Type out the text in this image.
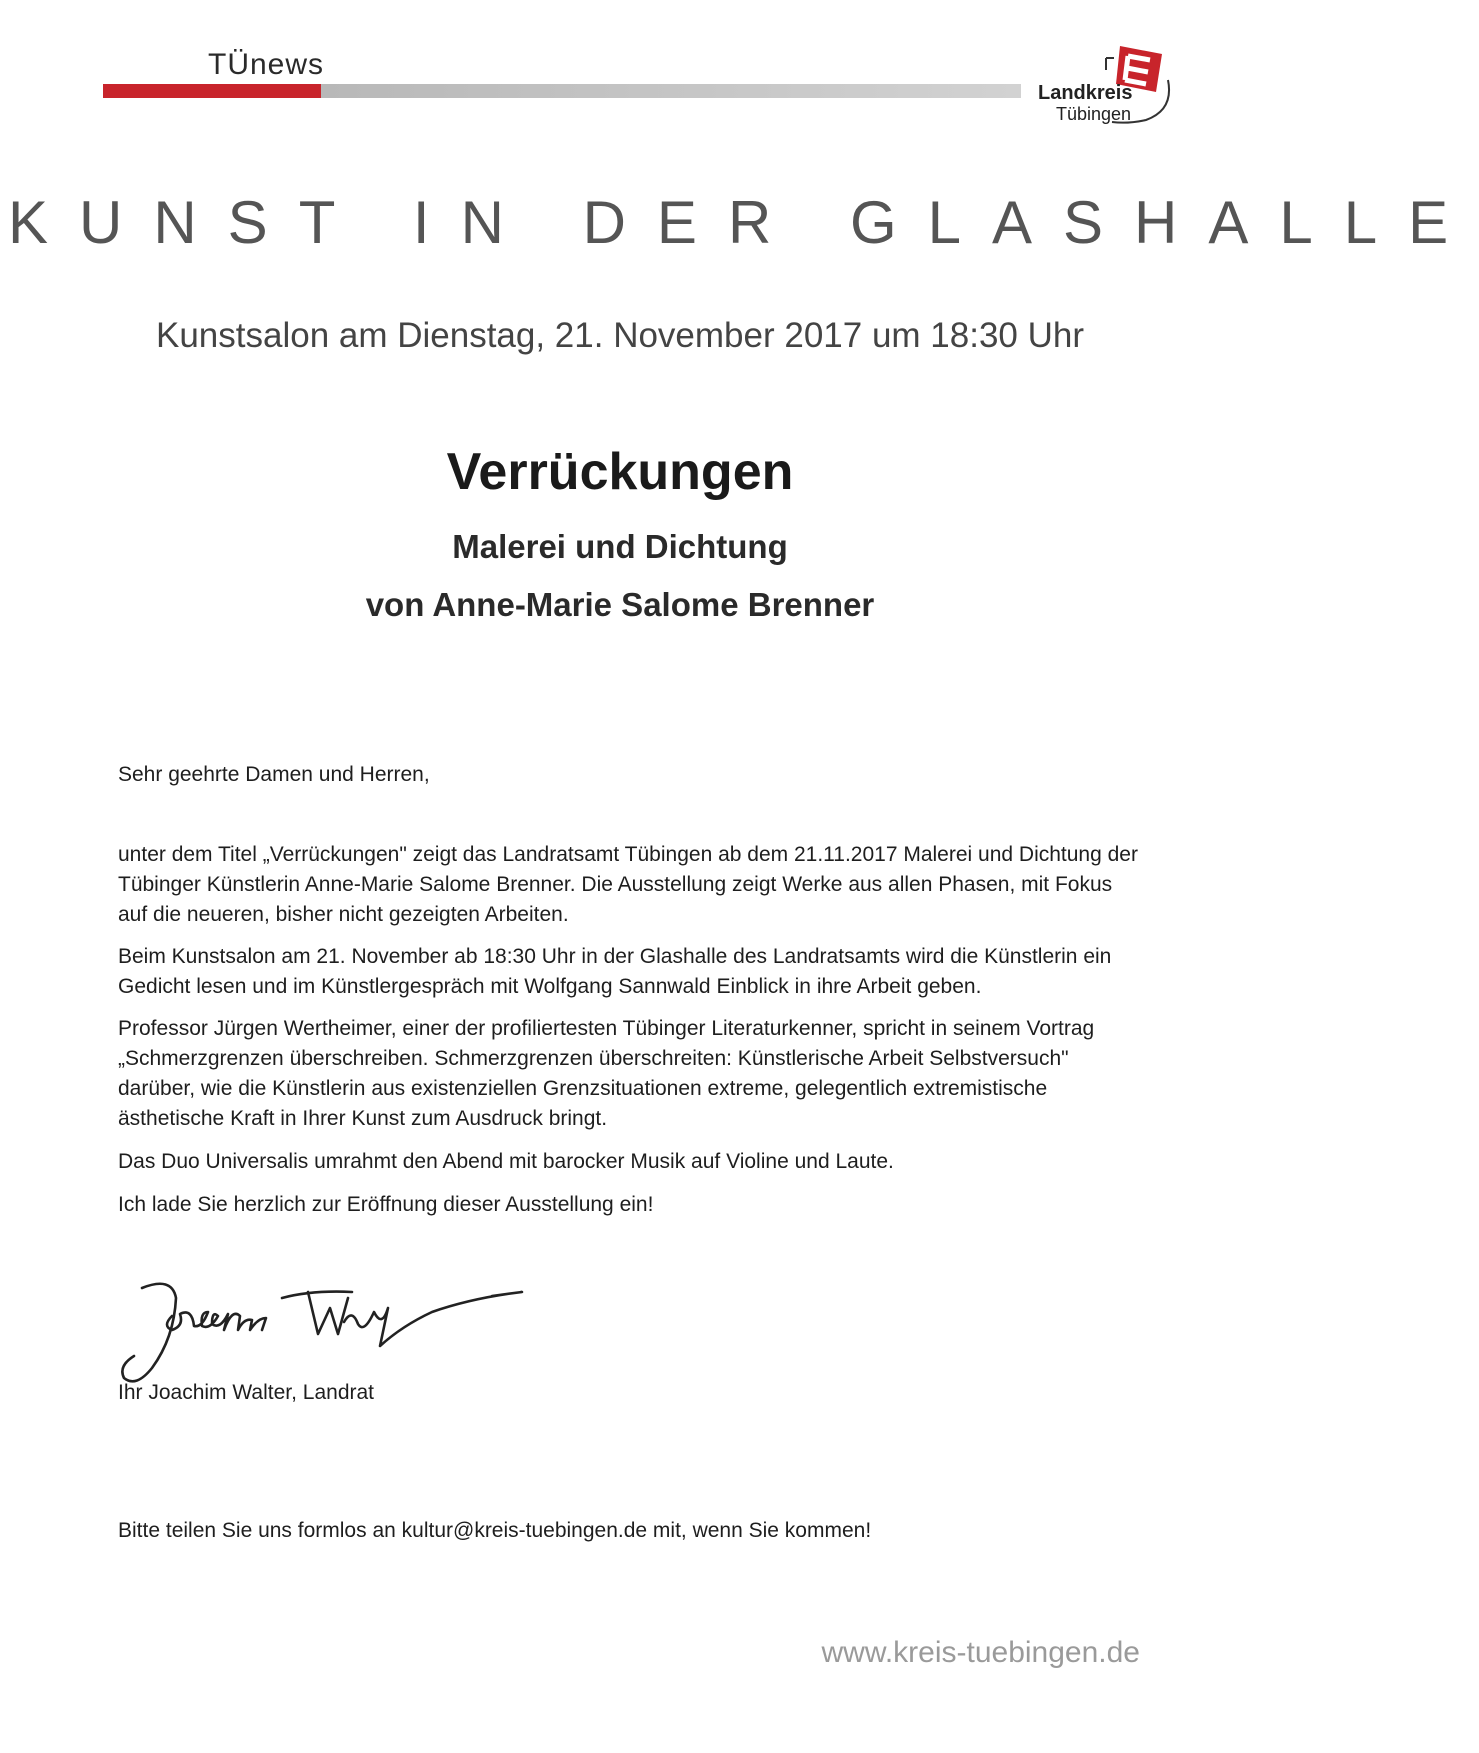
TÜnews
Landkreis
Tübingen
KUNST IN DER GLASHALLE
Kunstsalon am Dienstag, 21. November 2017 um 18:30 Uhr
Verrückungen
Malerei und Dichtung
von Anne-Marie Salome Brenner
Sehr geehrte Damen und Herren,
unter dem Titel „Verrückungen" zeigt das Landratsamt Tübingen ab dem 21.11.2017 Malerei und Dichtung der Tübinger Künstlerin Anne-Marie Salome Brenner. Die Ausstellung zeigt Werke aus allen Phasen, mit Fokus auf die neueren, bisher nicht gezeigten Arbeiten.
Beim Kunstsalon am 21. November ab 18:30 Uhr in der Glashalle des Landratsamts wird die Künstlerin ein Gedicht lesen und im Künstlergespräch mit Wolfgang Sannwald Einblick in ihre Arbeit geben.
Professor Jürgen Wertheimer, einer der profiliertesten Tübinger Literaturkenner, spricht in seinem Vortrag „Schmerzgrenzen überschreiben. Schmerzgrenzen überschreiten: Künstlerische Arbeit Selbstversuch" darüber, wie die Künstlerin aus existenziellen Grenzsituationen extreme, gelegentlich extremistische ästhetische Kraft in Ihrer Kunst zum Ausdruck bringt.
Das Duo Universalis umrahmt den Abend mit barocker Musik auf Violine und Laute.
Ich lade Sie herzlich zur Eröffnung dieser Ausstellung ein!
Ihr Joachim Walter, Landrat
Bitte teilen Sie uns formlos an kultur@kreis-tuebingen.de mit, wenn Sie kommen!
www.kreis-tuebingen.de
